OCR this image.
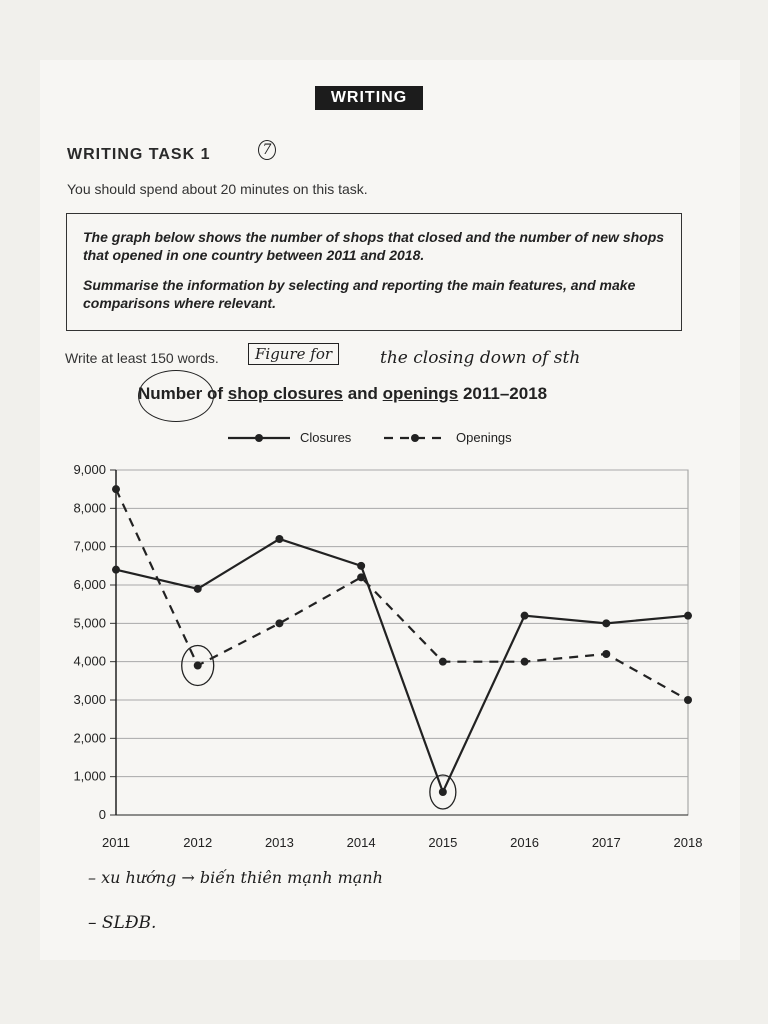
WRITING
WRITING TASK 1	7
You should spend about 20 minutes on this task.

The graph below shows the number of shops that closed and the number of new shops that opened in one country between 2011 and 2018.

Summarise the information by selecting and reporting the main features, and make comparisons where relevant.

Write at least 150 words.	Figure for	the closing down of sth
Number of shop closures and openings 2011–2018
Closures	Openings
0
1,000
2,000
3,000
4,000
5,000
6,000
7,000
8,000
9,000
2011	2012	2013	2014	2015	2016	2017	2018
– xu hướng → biến thiên mạnh mạnh
– SLĐB.
